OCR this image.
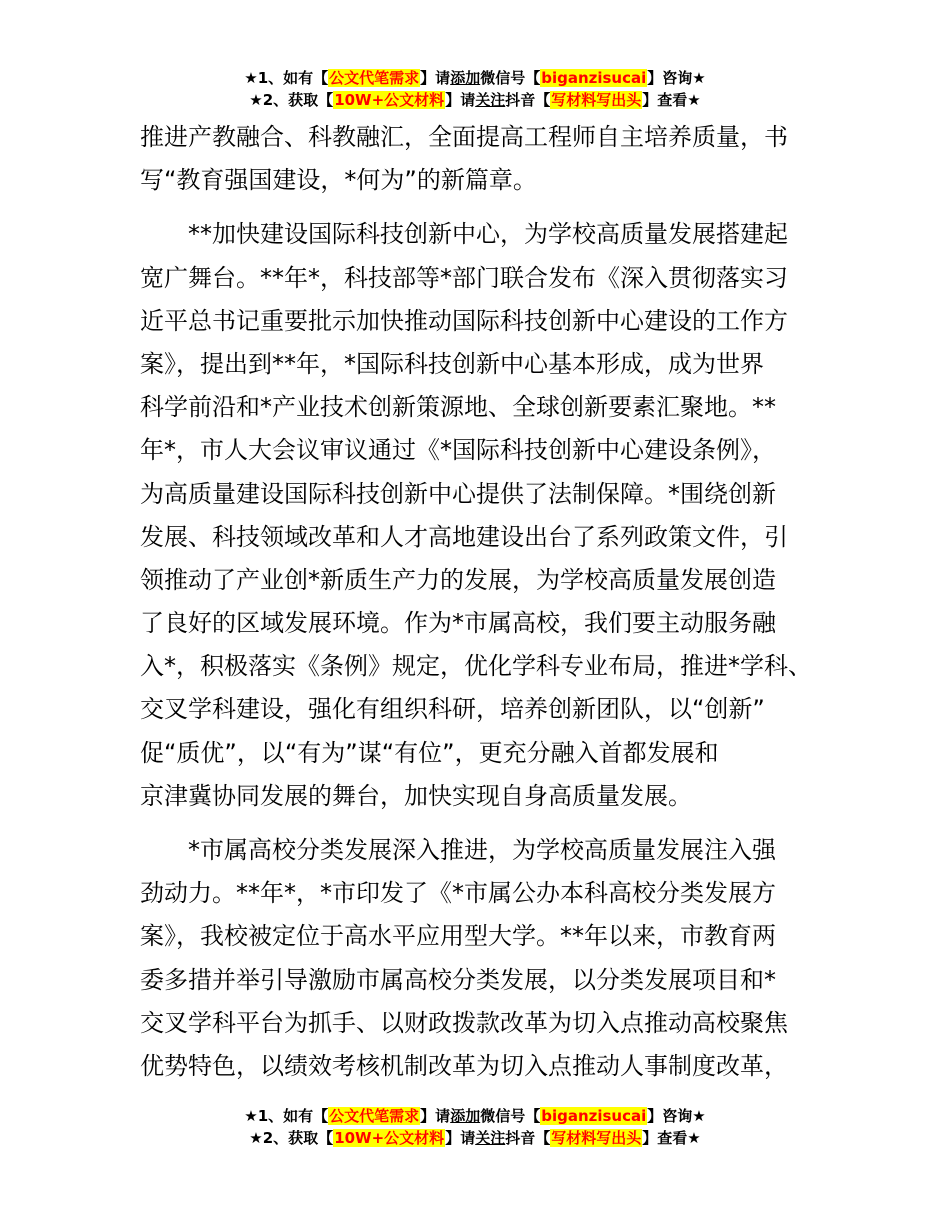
★1、如有【公文代笔需求】请添加微信号【biganzisucai】咨询★
★2、获取【10W+公文材料】请关注抖音【写材料写出头】查看★
推进产教融合、科教融汇，全面提高工程师自主培养质量，书
写“教育强国建设，*何为”的新篇章。
**加快建设国际科技创新中心，为学校高质量发展搭建起
宽广舞台。**年*，科技部等*部门联合发布《深入贯彻落实习
近平总书记重要批示加快推动国际科技创新中心建设的工作方
案》，提出到**年，*国际科技创新中心基本形成，成为世界
科学前沿和*产业技术创新策源地、全球创新要素汇聚地。**
年*，市人大会议审议通过《*国际科技创新中心建设条例》，
为高质量建设国际科技创新中心提供了法制保障。*围绕创新
发展、科技领域改革和人才高地建设出台了系列政策文件，引
领推动了产业创*新质生产力的发展，为学校高质量发展创造
了良好的区域发展环境。作为*市属高校，我们要主动服务融
入*，积极落实《条例》规定，优化学科专业布局，推进*学科、
交叉学科建设，强化有组织科研，培养创新团队，以“创新”
促“质优”，以“有为”谋“有位”，更充分融入首都发展和
京津冀协同发展的舞台，加快实现自身高质量发展。
*市属高校分类发展深入推进，为学校高质量发展注入强
劲动力。**年*，*市印发了《*市属公办本科高校分类发展方
案》，我校被定位于高水平应用型大学。**年以来，市教育两
委多措并举引导激励市属高校分类发展，以分类发展项目和*
交叉学科平台为抓手、以财政拨款改革为切入点推动高校聚焦
优势特色，以绩效考核机制改革为切入点推动人事制度改革，
★1、如有【公文代笔需求】请添加微信号【biganzisucai】咨询★
★2、获取【10W+公文材料】请关注抖音【写材料写出头】查看★
